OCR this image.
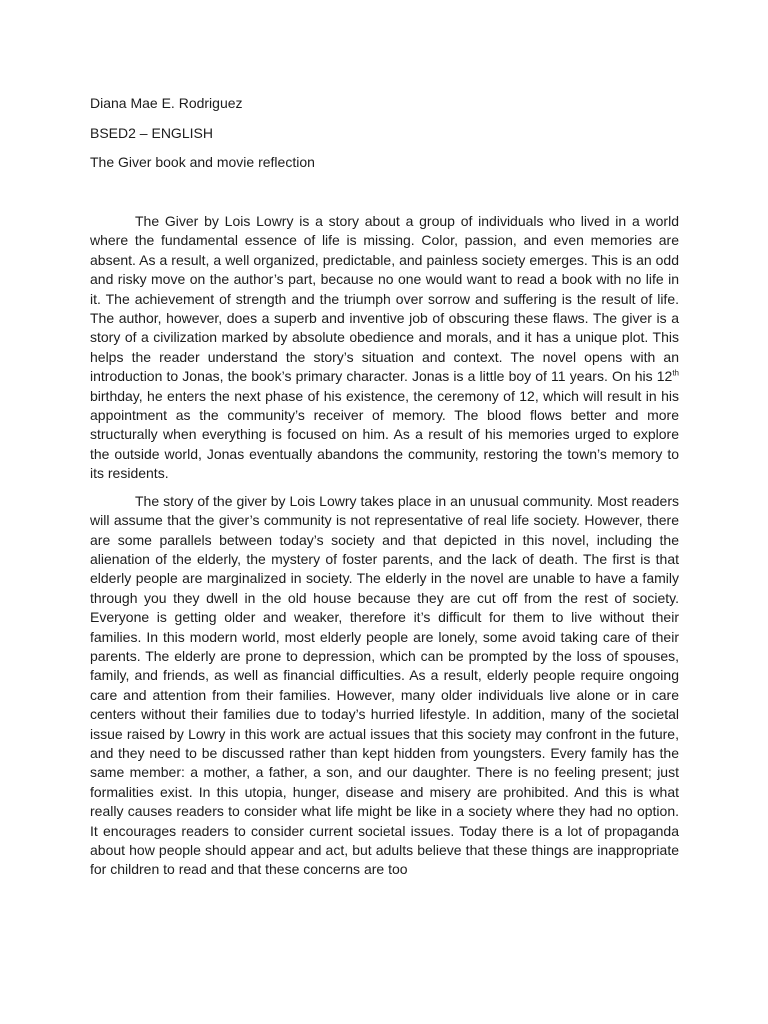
Diana Mae E. Rodriguez
BSED2 – ENGLISH
The Giver book and movie reflection

The Giver by Lois Lowry is a story about a group of individuals who lived in a world where the fundamental essence of life is missing. Color, passion, and even memories are absent. As a result, a well organized, predictable, and painless society emerges. This is an odd and risky move on the author’s part, because no one would want to read a book with no life in it. The achievement of strength and the triumph over sorrow and suffering is the result of life. The author, however, does a superb and inventive job of obscuring these flaws. The giver is a story of a civilization marked by absolute obedience and morals, and it has a unique plot. This helps the reader understand the story’s situation and context. The novel opens with an introduction to Jonas, the book’s primary character. Jonas is a little boy of 11 years. On his 12th birthday, he enters the next phase of his existence, the ceremony of 12, which will result in his appointment as the community’s receiver of memory. The blood flows better and more structurally when everything is focused on him. As a result of his memories urged to explore the outside world, Jonas eventually abandons the community, restoring the town’s memory to its residents.

The story of the giver by Lois Lowry takes place in an unusual community. Most readers will assume that the giver’s community is not representative of real life society. However, there are some parallels between today’s society and that depicted in this novel, including the alienation of the elderly, the mystery of foster parents, and the lack of death. The first is that elderly people are marginalized in society. The elderly in the novel are unable to have a family through you they dwell in the old house because they are cut off from the rest of society. Everyone is getting older and weaker, therefore it’s difficult for them to live without their families. In this modern world, most elderly people are lonely, some avoid taking care of their parents. The elderly are prone to depression, which can be prompted by the loss of spouses, family, and friends, as well as financial difficulties. As a result, elderly people require ongoing care and attention from their families. However, many older individuals live alone or in care centers without their families due to today’s hurried lifestyle. In addition, many of the societal issue raised by Lowry in this work are actual issues that this society may confront in the future, and they need to be discussed rather than kept hidden from youngsters. Every family has the same member: a mother, a father, a son, and our daughter. There is no feeling present; just formalities exist. In this utopia, hunger, disease and misery are prohibited. And this is what really causes readers to consider what life might be like in a society where they had no option. It encourages readers to consider current societal issues. Today there is a lot of propaganda about how people should appear and act, but adults believe that these things are inappropriate for children to read and that these concerns are too
